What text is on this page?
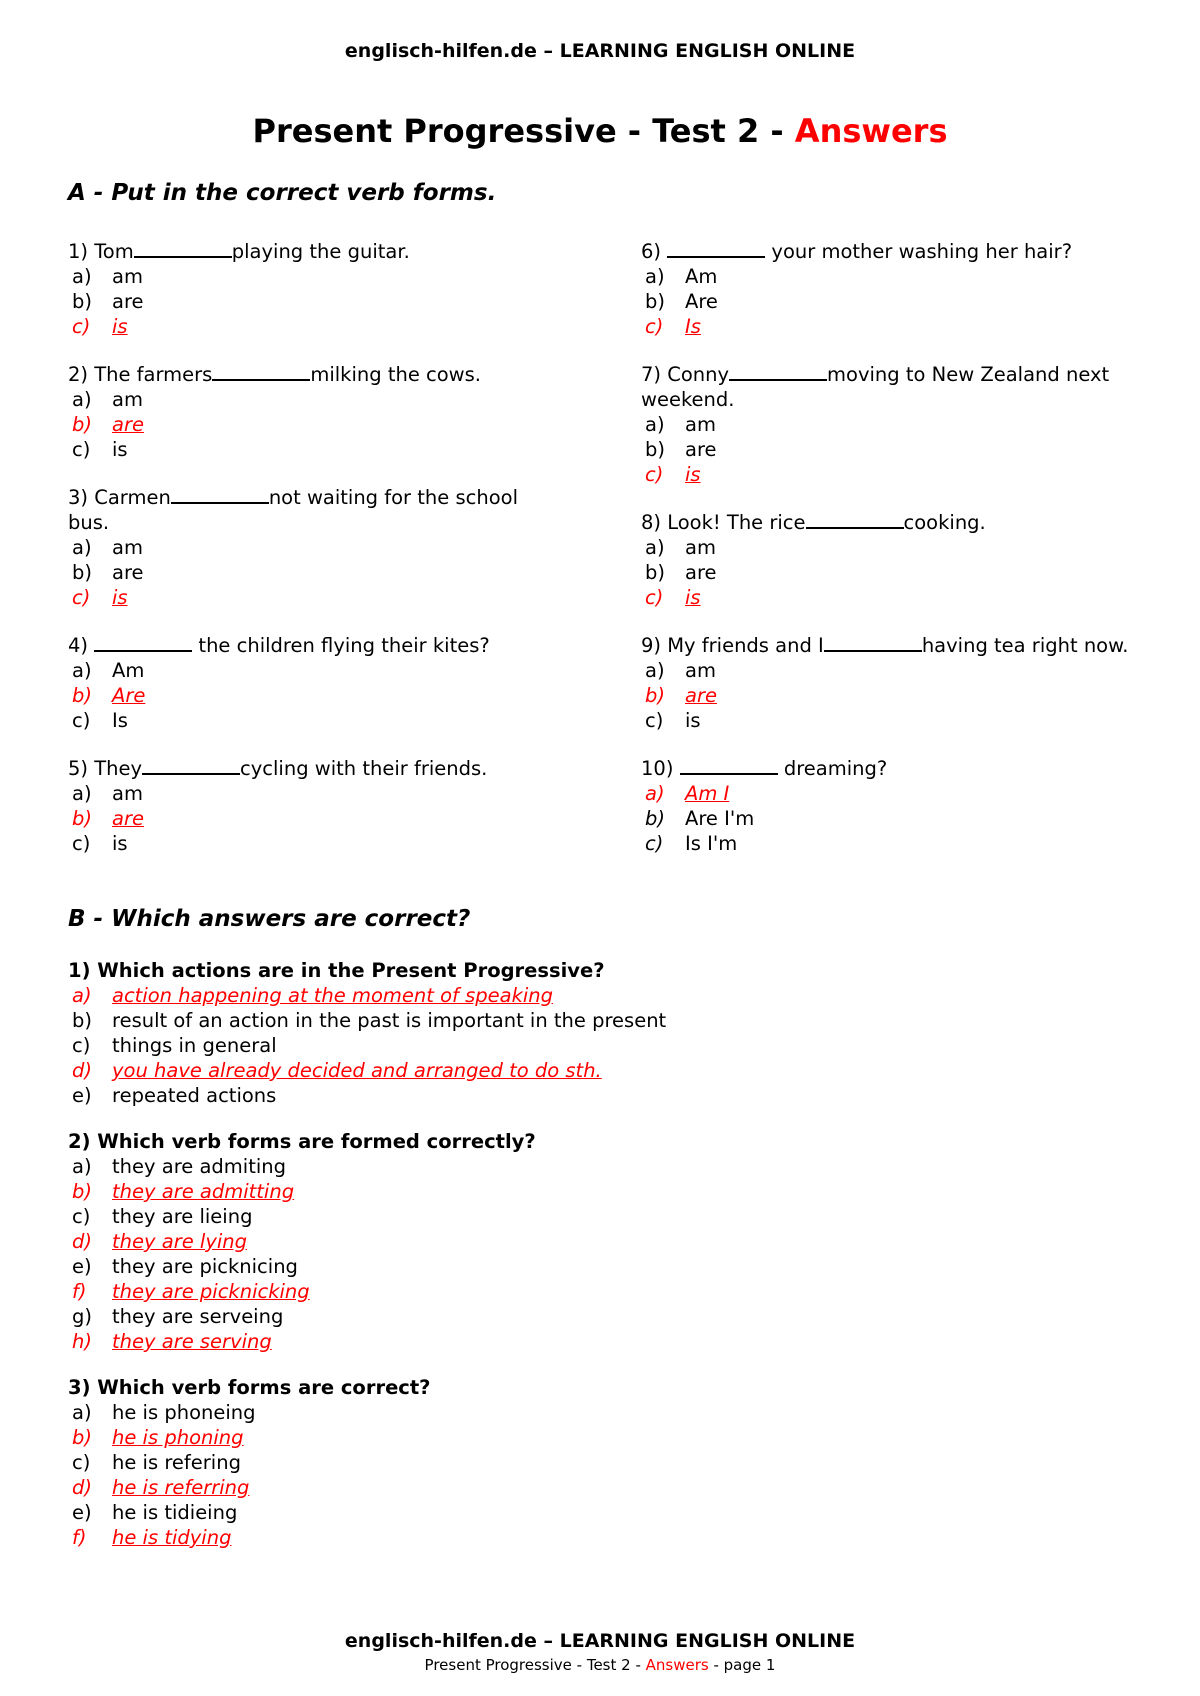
englisch-hilfen.de – LEARNING ENGLISH ONLINE
Present Progressive - Test 2 - Answers
A - Put in the correct verb forms.
1) Tom	playing the guitar.
a)	am
b)	are
c)	is
2) The farmers	milking the cows.
a)	am
b)	are
c)	is
3) Carmen	not waiting for the school bus.
a)	am
b)	are
c)	is
4)	the children flying their kites?
a)	Am
b)	Are
c)	Is
5) They	cycling with their friends.
a)	am
b)	are
c)	is
6)	your mother washing her hair?
a)	Am
b)	Are
c)	Is
7) Conny	moving to New Zealand next weekend.
a)	am
b)	are
c)	is
8) Look! The rice	cooking.
a)	am
b)	are
c)	is
9) My friends and I	having tea right now.
a)	am
b)	are
c)	is
10)	dreaming?
a)	Am I
b)	Are I'm
c)	Is I'm
B - Which answers are correct?
1) Which actions are in the Present Progressive?
a)	action happening at the moment of speaking
b)	result of an action in the past is important in the present
c)	things in general
d)	you have already decided and arranged to do sth.
e)	repeated actions
2) Which verb forms are formed correctly?
a)	they are admiting
b)	they are admitting
c)	they are lieing
d)	they are lying
e)	they are picknicing
f)	they are picknicking
g)	they are serveing
h)	they are serving
3) Which verb forms are correct?
a)	he is phoneing
b)	he is phoning
c)	he is refering
d)	he is referring
e)	he is tidieing
f)	he is tidying
englisch-hilfen.de – LEARNING ENGLISH ONLINE
Present Progressive - Test 2 - Answers - page 1
